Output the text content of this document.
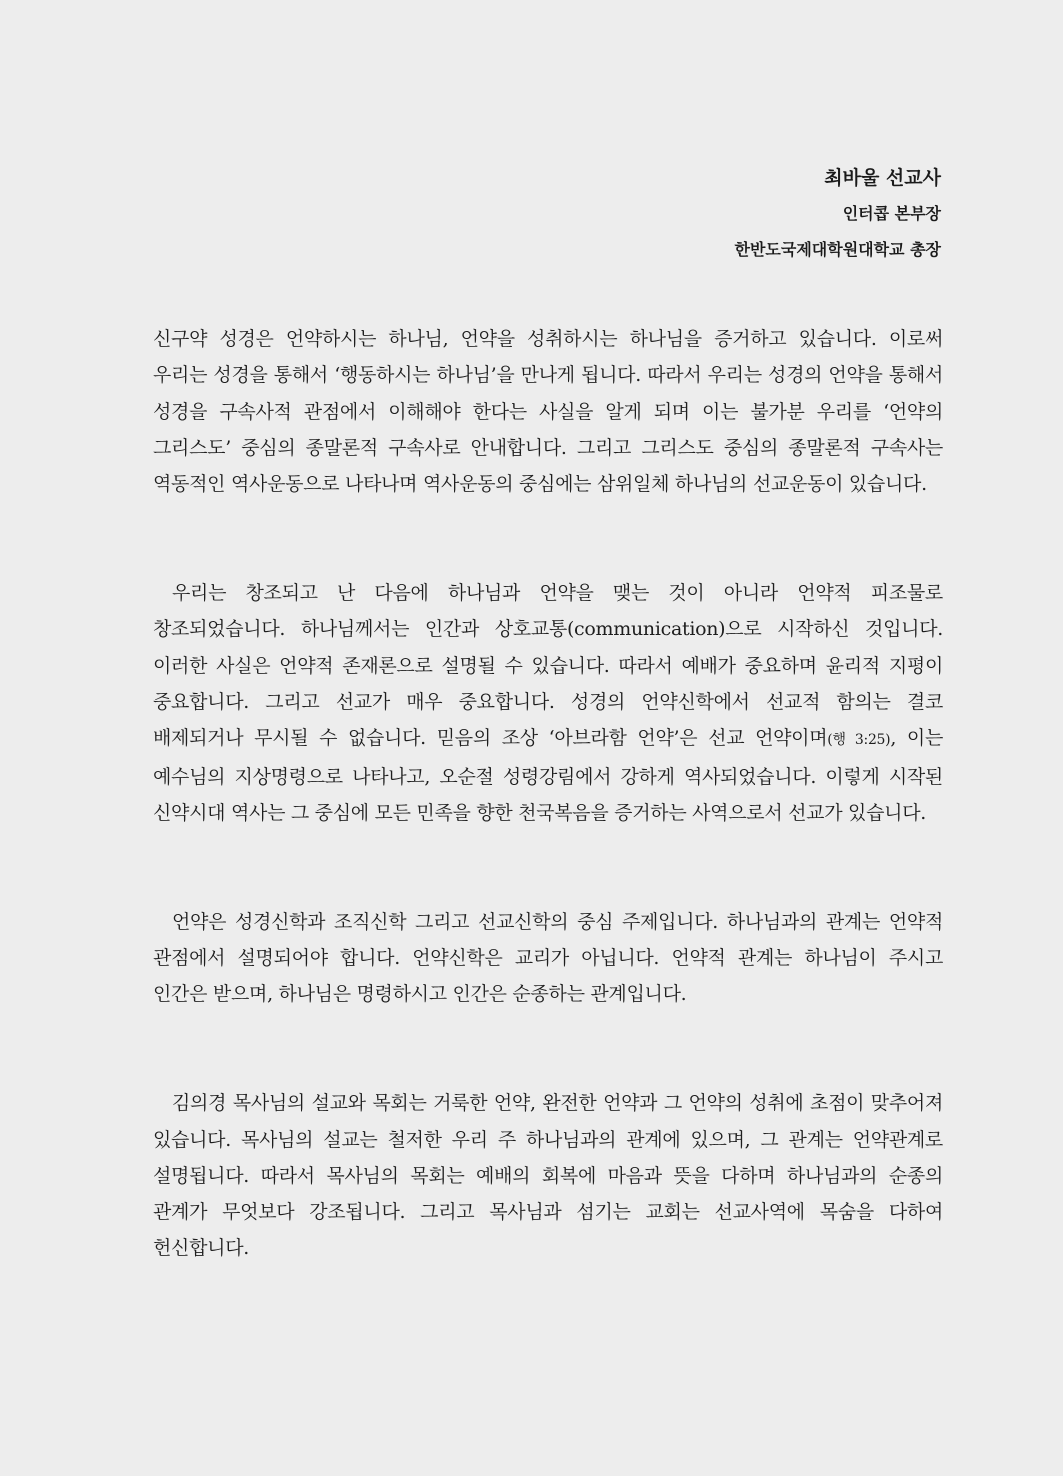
최바울 선교사
인터콥 본부장
한반도국제대학원대학교 총장

신구약 성경은 언약하시는 하나님, 언약을 성취하시는 하나님을 증거하고 있습니다. 이로써 우리는 성경을 통해서 ‘행동하시는 하나님’을 만나게 됩니다. 따라서 우리는 성경의 언약을 통해서 성경을 구속사적 관점에서 이해해야 한다는 사실을 알게 되며 이는 불가분 우리를 ‘언약의 그리스도’ 중심의 종말론적 구속사로 안내합니다. 그리고 그리스도 중심의 종말론적 구속사는 역동적인 역사운동으로 나타나며 역사운동의 중심에는 삼위일체 하나님의 선교운동이 있습니다.

우리는 창조되고 난 다음에 하나님과 언약을 맺는 것이 아니라 언약적 피조물로 창조되었습니다. 하나님께서는 인간과 상호교통(communication)으로 시작하신 것입니다. 이러한 사실은 언약적 존재론으로 설명될 수 있습니다. 따라서 예배가 중요하며 윤리적 지평이 중요합니다. 그리고 선교가 매우 중요합니다. 성경의 언약신학에서 선교적 함의는 결코 배제되거나 무시될 수 없습니다. 믿음의 조상 ‘아브라함 언약’은 선교 언약이며(행 3:25), 이는 예수님의 지상명령으로 나타나고, 오순절 성령강림에서 강하게 역사되었습니다. 이렇게 시작된 신약시대 역사는 그 중심에 모든 민족을 향한 천국복음을 증거하는 사역으로서 선교가 있습니다.

언약은 성경신학과 조직신학 그리고 선교신학의 중심 주제입니다. 하나님과의 관계는 언약적 관점에서 설명되어야 합니다. 언약신학은 교리가 아닙니다. 언약적 관계는 하나님이 주시고 인간은 받으며, 하나님은 명령하시고 인간은 순종하는 관계입니다.

김의경 목사님의 설교와 목회는 거룩한 언약, 완전한 언약과 그 언약의 성취에 초점이 맞추어져 있습니다. 목사님의 설교는 철저한 우리 주 하나님과의 관계에 있으며, 그 관계는 언약관계로 설명됩니다. 따라서 목사님의 목회는 예배의 회복에 마음과 뜻을 다하며 하나님과의 순종의 관계가 무엇보다 강조됩니다. 그리고 목사님과 섬기는 교회는 선교사역에 목숨을 다하여 헌신합니다.
